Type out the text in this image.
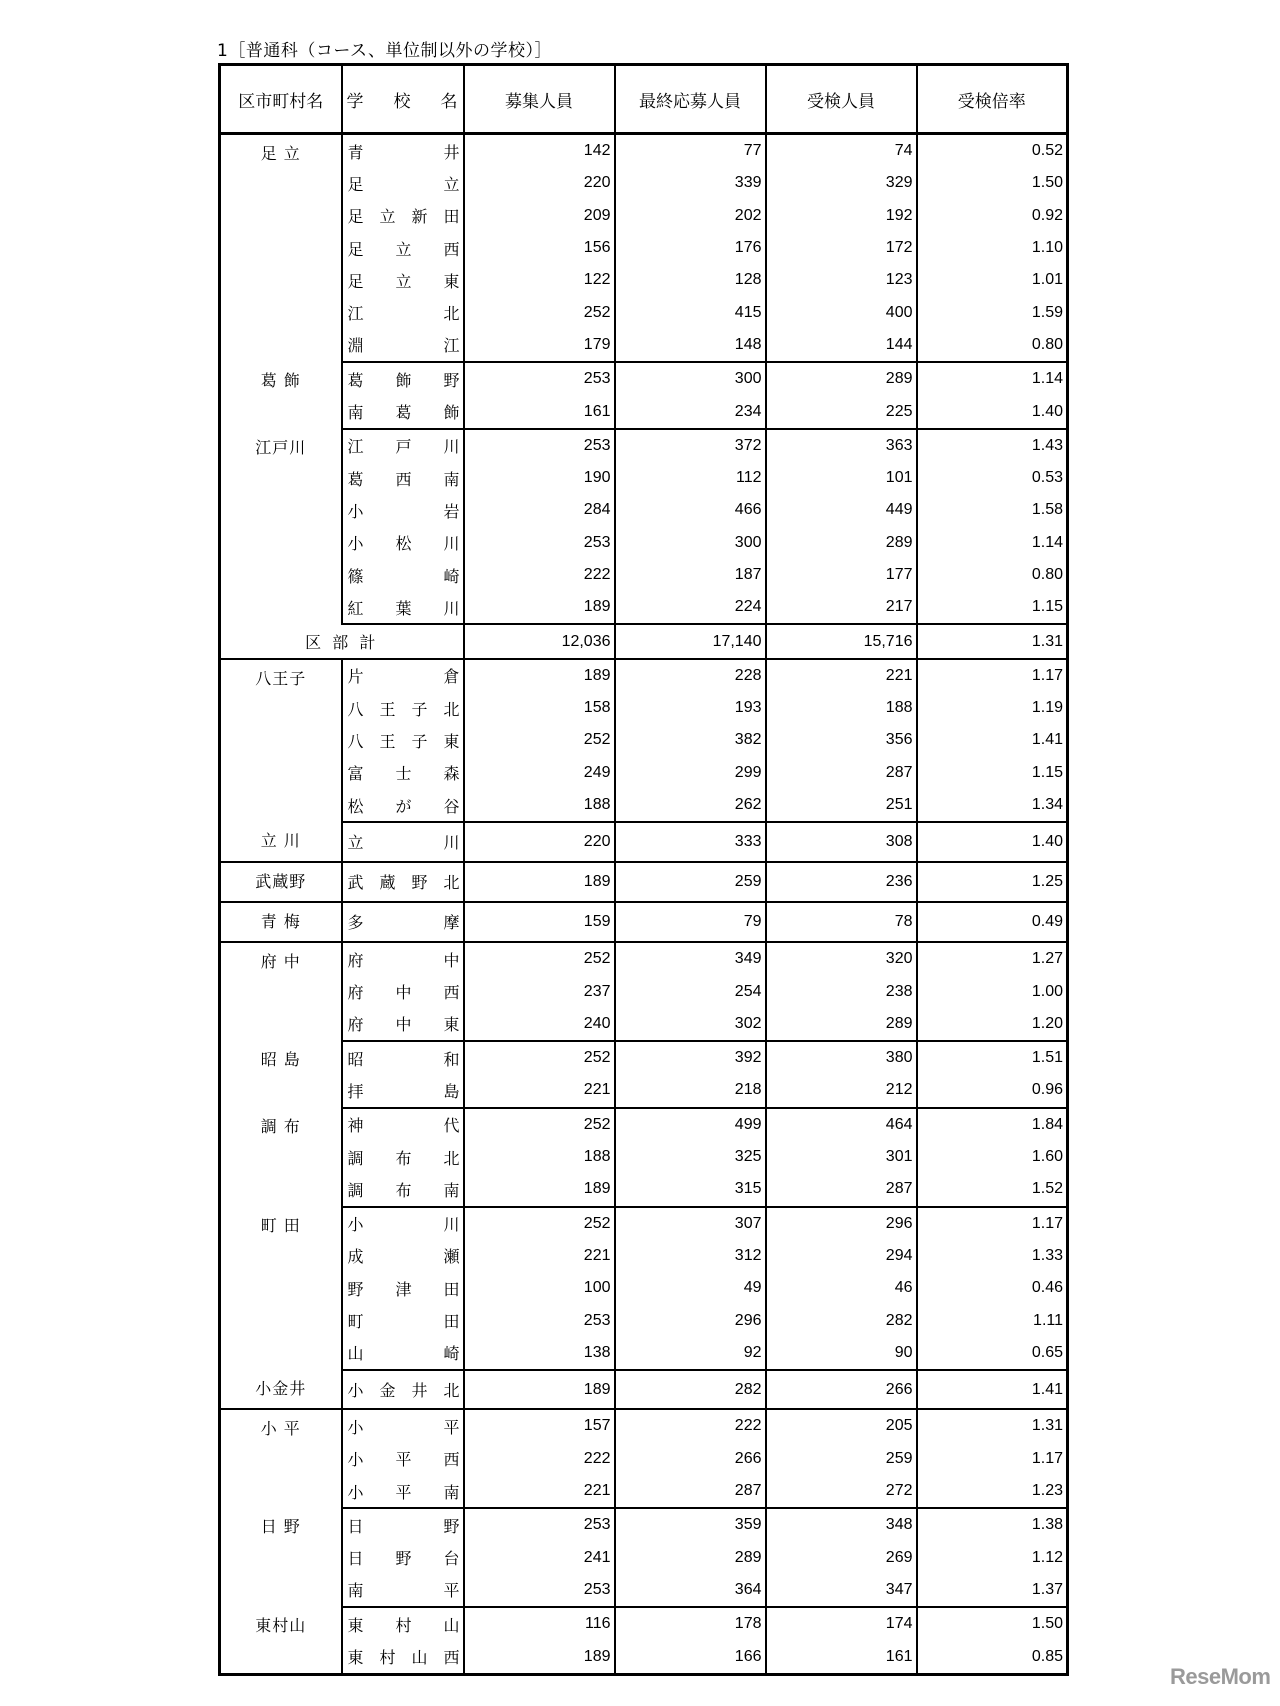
1［普通科（コース、単位制以外の学校）］
区市町村名	学 校 名	募集人員	最終応募人員	受検人員	受検倍率
足 立	青 井	142	77	74	0.52

	足 立	220	339	329	1.50

	足 立 新 田	209	202	192	0.92

	足 立 西	156	176	172	1.10

	足 立 東	122	128	123	1.01

	江 北	252	415	400	1.59

	淵 江	179	148	144	0.80
葛 飾	葛 飾 野	253	300	289	1.14

	南 葛 飾	161	234	225	1.40
江戸川	江 戸 川	253	372	363	1.43

	葛 西 南	190	112	101	0.53

	小 岩	284	466	449	1.58

	小 松 川	253	300	289	1.14

	篠 崎	222	187	177	0.80

	紅 葉 川	189	224	217	1.15
区 部 計		12,036	17,140	15,716	1.31
八王子	片 倉	189	228	221	1.17

	八 王 子 北	158	193	188	1.19

	八 王 子 東	252	382	356	1.41

	富 士 森	249	299	287	1.15

	松 が 谷	188	262	251	1.34
立 川	立 川	220	333	308	1.40
武蔵野	武 蔵 野 北	189	259	236	1.25
青 梅	多 摩	159	79	78	0.49
府 中	府 中	252	349	320	1.27

	府 中 西	237	254	238	1.00

	府 中 東	240	302	289	1.20
昭 島	昭 和	252	392	380	1.51

	拝 島	221	218	212	0.96
調 布	神 代	252	499	464	1.84

	調 布 北	188	325	301	1.60

	調 布 南	189	315	287	1.52
町 田	小 川	252	307	296	1.17

	成 瀬	221	312	294	1.33

	野 津 田	100	49	46	0.46

	町 田	253	296	282	1.11

	山 崎	138	92	90	0.65
小金井	小 金 井 北	189	282	266	1.41
小 平	小 平	157	222	205	1.31

	小 平 西	222	266	259	1.17

	小 平 南	221	287	272	1.23
日 野	日 野	253	359	348	1.38

	日 野 台	241	289	269	1.12

	南 平	253	364	347	1.37
東村山	東 村 山	116	178	174	1.50

	東 村 山 西	189	166	161	0.85
ReseMom
